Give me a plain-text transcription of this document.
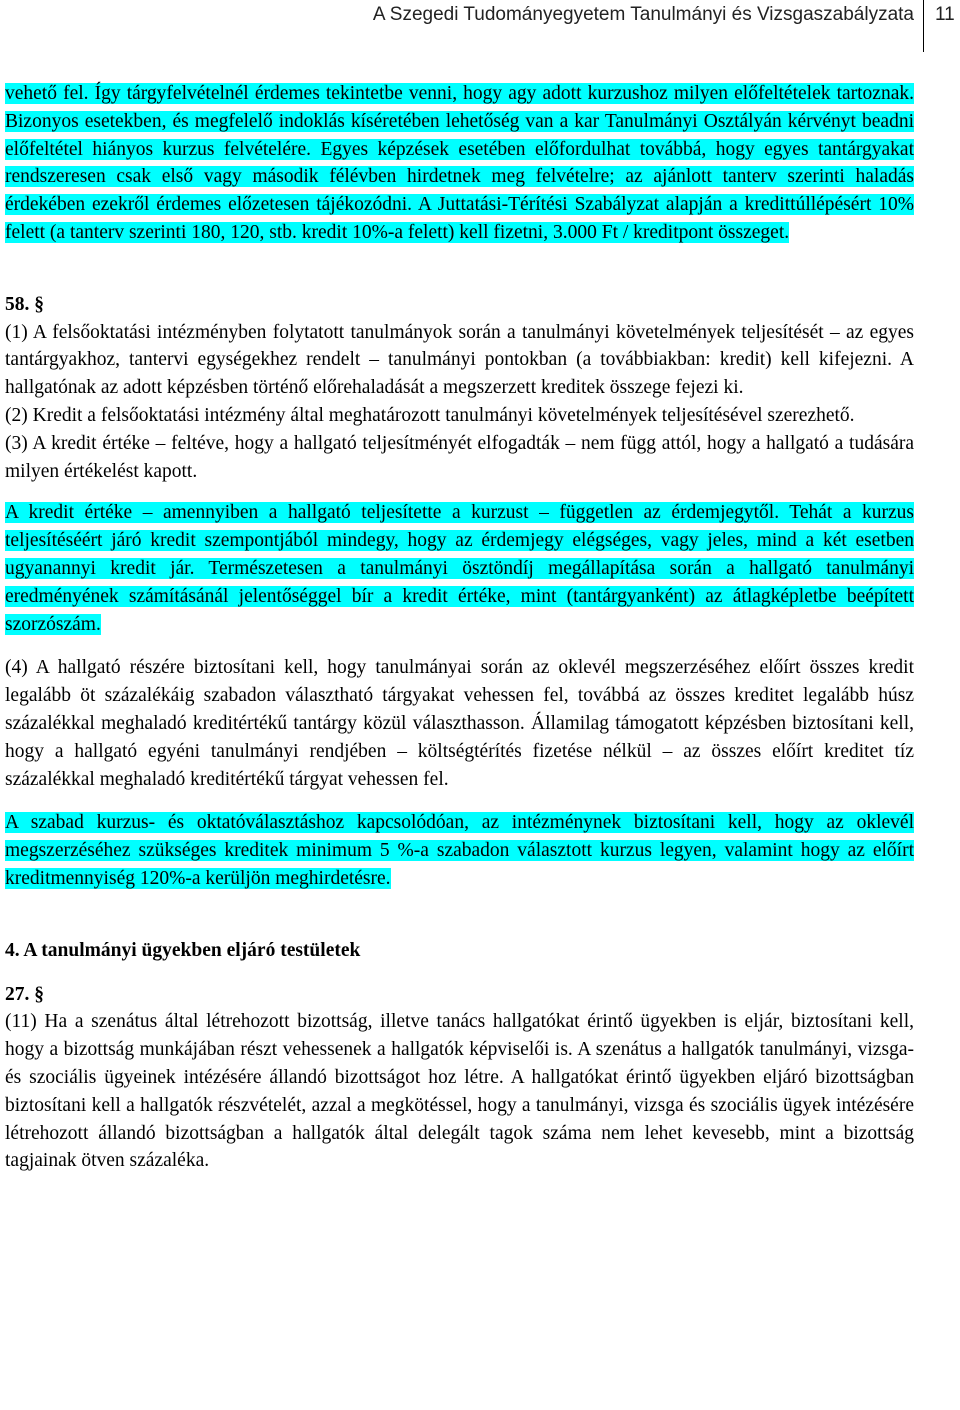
A Szegedi Tudományegyetem Tanulmányi és Vizsgaszabályzata 11

vehető fel. Így tárgyfelvételnél érdemes tekintetbe venni, hogy agy adott kurzushoz milyen előfeltételek tartoznak. Bizonyos esetekben, és megfelelő indoklás kíséretében lehetőség van a kar Tanulmányi Osztályán kérvényt beadni előfeltétel hiányos kurzus felvételére. Egyes képzések esetében előfordulhat továbbá, hogy egyes tantárgyakat rendszeresen csak első vagy második félévben hirdetnek meg felvételre; az ajánlott tanterv szerinti haladás érdekében ezekről érdemes előzetesen tájékozódni. A Juttatási-Térítési Szabályzat alapján a kredittúllépésért 10% felett (a tanterv szerinti 180, 120, stb. kredit 10%-a felett) kell fizetni, 3.000 Ft / kreditpont összeget.

58. §

(1) A felsőoktatási intézményben folytatott tanulmányok során a tanulmányi követelmények teljesítését – az egyes tantárgyakhoz, tantervi egységekhez rendelt – tanulmányi pontokban (a továbbiakban: kredit) kell kifejezni. A hallgatónak az adott képzésben történő előrehaladását a megszerzett kreditek összege fejezi ki.

(2) Kredit a felsőoktatási intézmény által meghatározott tanulmányi követelmények teljesítésével szerezhető.

(3) A kredit értéke – feltéve, hogy a hallgató teljesítményét elfogadták – nem függ attól, hogy a hallgató a tudására milyen értékelést kapott.

A kredit értéke – amennyiben a hallgató teljesítette a kurzust – független az érdemjegytől. Tehát a kurzus teljesítéséért járó kredit szempontjából mindegy, hogy az érdemjegy elégséges, vagy jeles, mind a két esetben ugyanannyi kredit jár. Természetesen a tanulmányi ösztöndíj megállapítása során a hallgató tanulmányi eredményének számításánál jelentőséggel bír a kredit értéke, mint (tantárgyanként) az átlagképletbe beépített szorzószám.

(4) A hallgató részére biztosítani kell, hogy tanulmányai során az oklevél megszerzéséhez előírt összes kredit legalább öt százalékáig szabadon választható tárgyakat vehessen fel, továbbá az összes kreditet legalább húsz százalékkal meghaladó kreditértékű tantárgy közül választhasson. Államilag támogatott képzésben biztosítani kell, hogy a hallgató egyéni tanulmányi rendjében – költségtérítés fizetése nélkül – az összes előírt kreditet tíz százalékkal meghaladó kreditértékű tárgyat vehessen fel.

A szabad kurzus- és oktatóválasztáshoz kapcsolódóan, az intézménynek biztosítani kell, hogy az oklevél megszerzéséhez szükséges kreditek minimum 5 %-a szabadon választott kurzus legyen, valamint hogy az előírt kreditmennyiség 120%-a kerüljön meghirdetésre.

4. A tanulmányi ügyekben eljáró testületek

27. §

(11) Ha a szenátus által létrehozott bizottság, illetve tanács hallgatókat érintő ügyekben is eljár, biztosítani kell, hogy a bizottság munkájában részt vehessenek a hallgatók képviselői is. A szenátus a hallgatók tanulmányi, vizsga- és szociális ügyeinek intézésére állandó bizottságot hoz létre. A hallgatókat érintő ügyekben eljáró bizottságban biztosítani kell a hallgatók részvételét, azzal a megkötéssel, hogy a tanulmányi, vizsga és szociális ügyek intézésére létrehozott állandó bizottságban a hallgatók által delegált tagok száma nem lehet kevesebb, mint a bizottság tagjainak ötven százaléka.
